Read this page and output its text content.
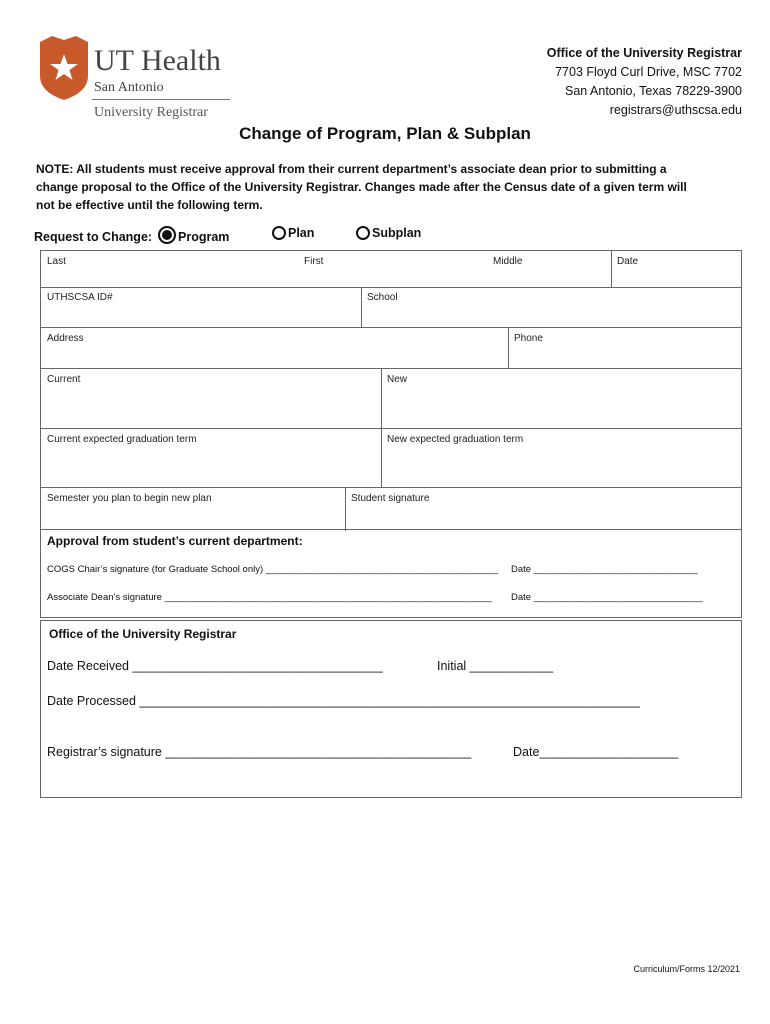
UT Health
San Antonio
University Registrar
Office of the University Registrar
7703 Floyd Curl Drive, MSC 7702
San Antonio, Texas 78229-3900
registrars@uthscsa.edu
Change of Program, Plan & Subplan
NOTE: All students must receive approval from their current department’s associate dean prior to submitting a
change proposal to the Office of the University Registrar. Changes made after the Census date of a given term will
not be effective until the following term.
Request to Change: Program	Plan	Subplan
Last	First	Middle	Date
UTHSCSA ID#	School
Address	Phone
Current	New
Current expected graduation term	New expected graduation term
Semester you plan to begin new plan	Student signature
Approval from student’s current department:
COGS Chair’s signature (for Graduate School only) ____________________________________________ Date _______________________________
Associate Dean’s signature ______________________________________________________________ Date ________________________________
Office of the University Registrar
Date Received ____________________________________	Initial ____________
Date Processed ________________________________________________________________________
Registrar’s signature ____________________________________________	Date____________________
Curriculum/Forms 12/2021
